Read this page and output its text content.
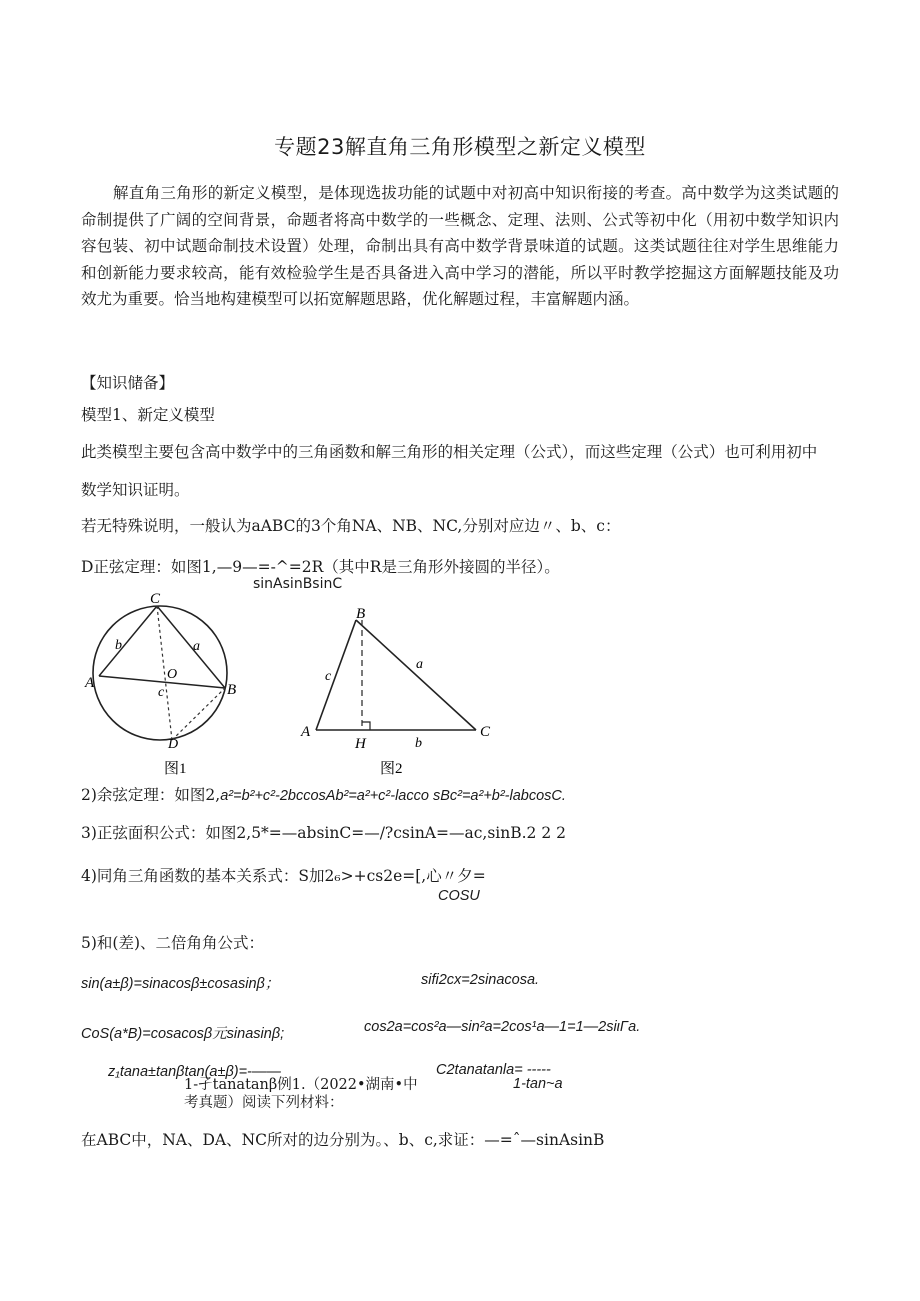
专题23解直角三角形模型之新定义模型
解直角三角形的新定义模型，是体现选拔功能的试题中对初高中知识衔接的考查。高中数学为这类试题的命制提供了广阔的空间背景，命题者将高中数学的一些概念、定理、法则、公式等初中化（用初中数学知识内容包装、初中试题命制技术设置）处理，命制出具有高中数学背景味道的试题。这类试题往往对学生思维能力和创新能力要求较高，能有效检验学生是否具备进入高中学习的潜能，所以平时教学挖掘这方面解题技能及功效尤为重要。恰当地构建模型可以拓宽解题思路，优化解题过程，丰富解题内涵。
【知识储备】
模型1、新定义模型
此类模型主要包含高中数学中的三角函数和解三角形的相关定理（公式），而这些定理（公式）也可利用初中
数学知识证明。
若无特殊说明，一般认为aABC的3个角NA、NB、NC,分别对应边〃、b、c：
D正弦定理：如图1,—9—=-^=2R（其中R是三角形外接圆的半径）。
sinAsinBsinC
C
b	a
O
A	B
c
D
图1
B
c
a
A
H	b
C
图2
2)余弦定理：如图2,a²=b²+c²-2bccosAb²=a²+c²-lacco sBc²=a²+b²-labcosC.
3)正弦面积公式：如图2,5*=—absinC=—/?csinA=—ac,sinB.2 2 2
4)同角三角函数的基本关系式：S加2₆>+cs2e=[,心〃夕=
COSU
5)和(差)、二倍角角公式：
sin(a±β)=sinacosβ±cosasinβ；	sifi2cx=2sinacosa.
CoS(a*B)=cosacosβ元sinasinβ;	cos2a=cos²a—sin²a=2cos¹a—1=1—2siιΓa.
z₁tana±tanβtan(a±β)=-——	C2tanatanla= -----
1-孑tanatanβ例1.（2022•湖南•中	1-tan~a
考真题）阅读下列材料：
在ABC中，NA、DA、NC所对的边分别为。、b、c,求证：—=ˆ—sinAsinB
